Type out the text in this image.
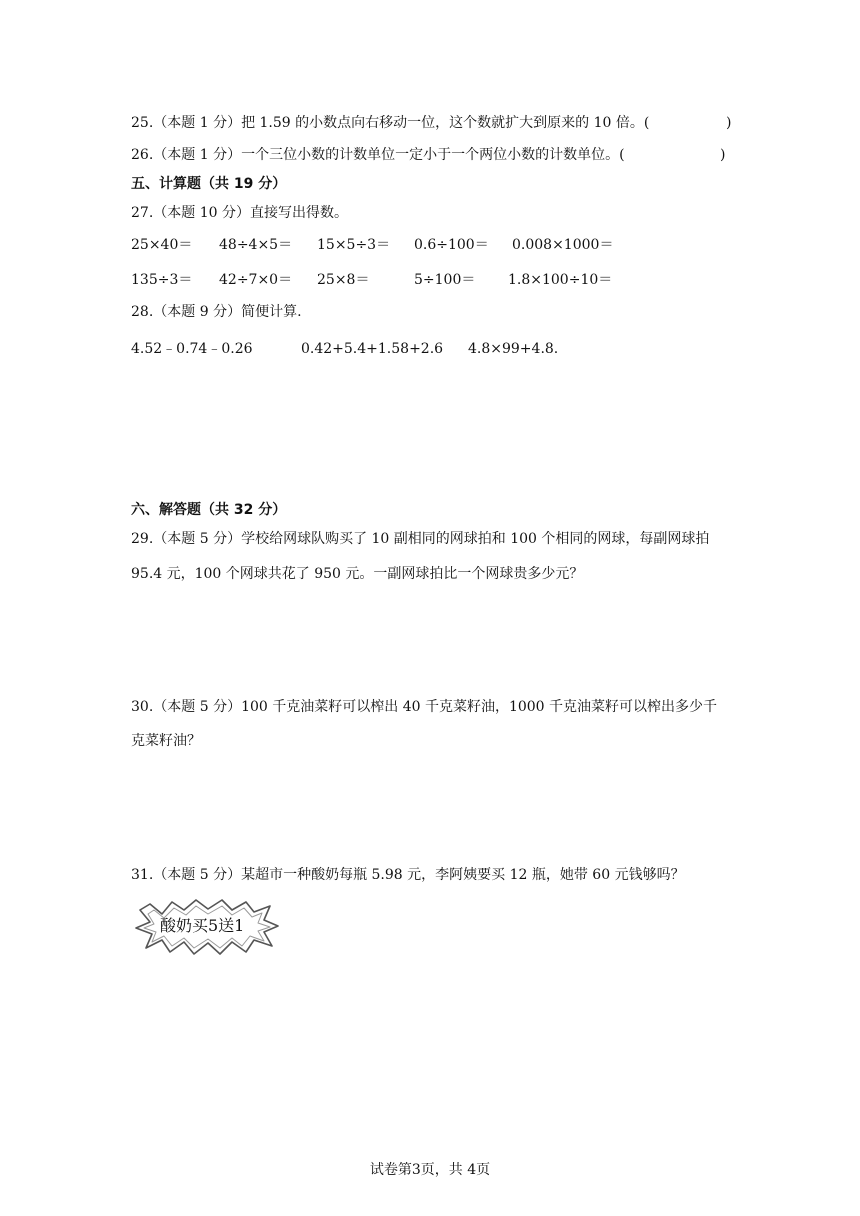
25.（本题 1 分）把 1.59 的小数点向右移动一位，这个数就扩大到原来的 10 倍。(	)
26.（本题 1 分）一个三位小数的计数单位一定小于一个两位小数的计数单位。(	)
五、计算题（共 19 分）
27.（本题 10 分）直接写出得数。
25×40＝ 48÷4×5＝ 15×5÷3＝ 0.6÷100＝ 0.008×1000＝
135÷3＝ 42÷7×0＝ 25×8＝	5÷100＝ 1.8×100÷10＝
28.（本题 9 分）简便计算.
4.52﹣0.74﹣0.26	0.42+5.4+1.58+2.6 4.8×99+4.8.
六、解答题（共 32 分）
29.（本题 5 分）学校给网球队购买了 10 副相同的网球拍和 100 个相同的网球，每副网球拍
95.4 元，100 个网球共花了 950 元。一副网球拍比一个网球贵多少元？
30.（本题 5 分）100 千克油菜籽可以榨出 40 千克菜籽油，1000 千克油菜籽可以榨出多少千
克菜籽油？
31.（本题 5 分）某超市一种酸奶每瓶 5.98 元，李阿姨要买 12 瓶，她带 60 元钱够吗？
酸奶买5送1
试卷第3页，共 4页
